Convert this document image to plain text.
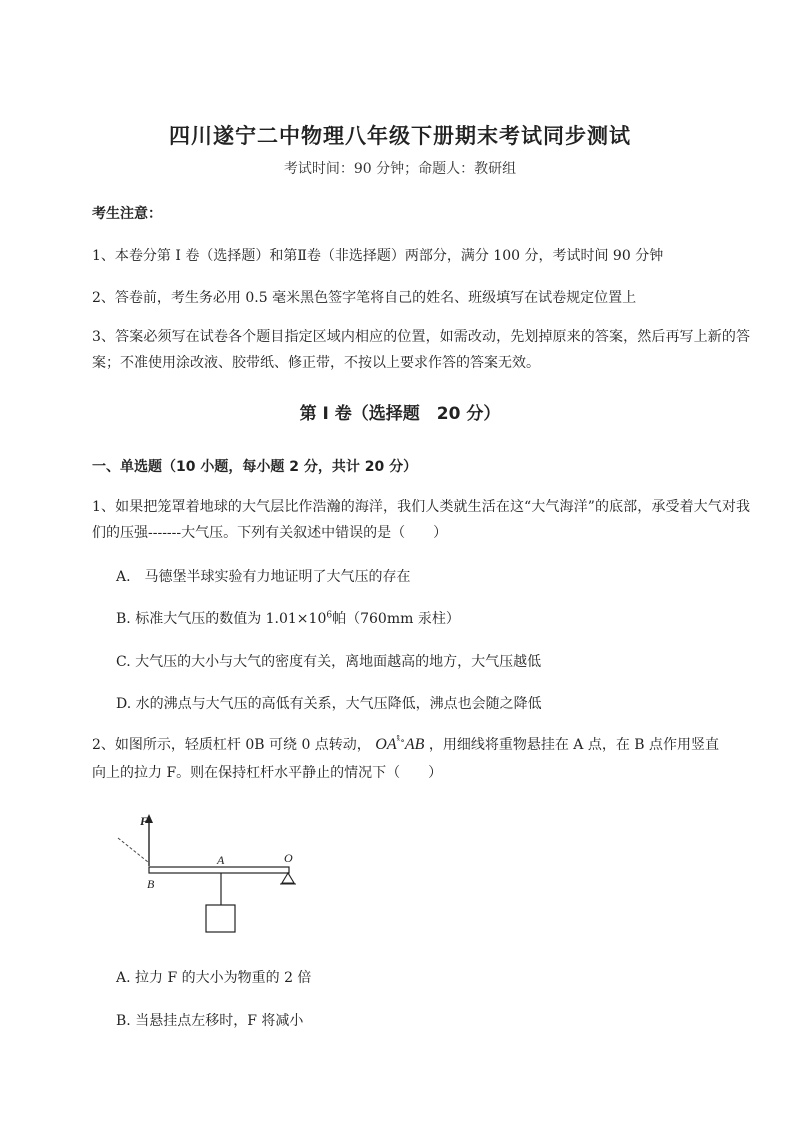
四川遂宁二中物理八年级下册期末考试同步测试
考试时间：90 分钟；命题人：教研组
考生注意：
1、本卷分第 I 卷（选择题）和第Ⅱ卷（非选择题）两部分，满分 100 分，考试时间 90 分钟
2、答卷前，考生务必用 0.5 毫米黑色签字笔将自己的姓名、班级填写在试卷规定位置上
3、答案必须写在试卷各个题目指定区域内相应的位置，如需改动，先划掉原来的答案，然后再写上新的答案；不准使用涂改液、胶带纸、修正带，不按以上要求作答的答案无效。
第 I 卷（选择题　20 分）
一、单选题（10 小题，每小题 2 分，共计 20 分）
1、如果把笼罩着地球的大气层比作浩瀚的海洋，我们人类就生活在这“大气海洋”的底部，承受着大气对我们的压强-------大气压。下列有关叙述中错误的是（　　）
A.　马德堡半球实验有力地证明了大气压的存在
B. 标准大气压的数值为 $1.01\times 10^6$帕（760mm 汞柱）
C. 大气压的大小与大气的密度有关，离地面越高的地方，大气压越低
D. 水的沸点与大气压的高低有关系，大气压降低，沸点也会随之降低
2、如图所示，轻质杠杆 0B 可绕 0 点转动， $OA^{ˣ̊\circ}AB$ ，用细线将重物悬挂在 A 点，在 B 点作用竖直
向上的拉力 F。则在保持杠杆水平静止的情况下（　　）
F
O
A
B
A. 拉力 F 的大小为物重的 2 倍
B. 当悬挂点左移时，F 将减小
